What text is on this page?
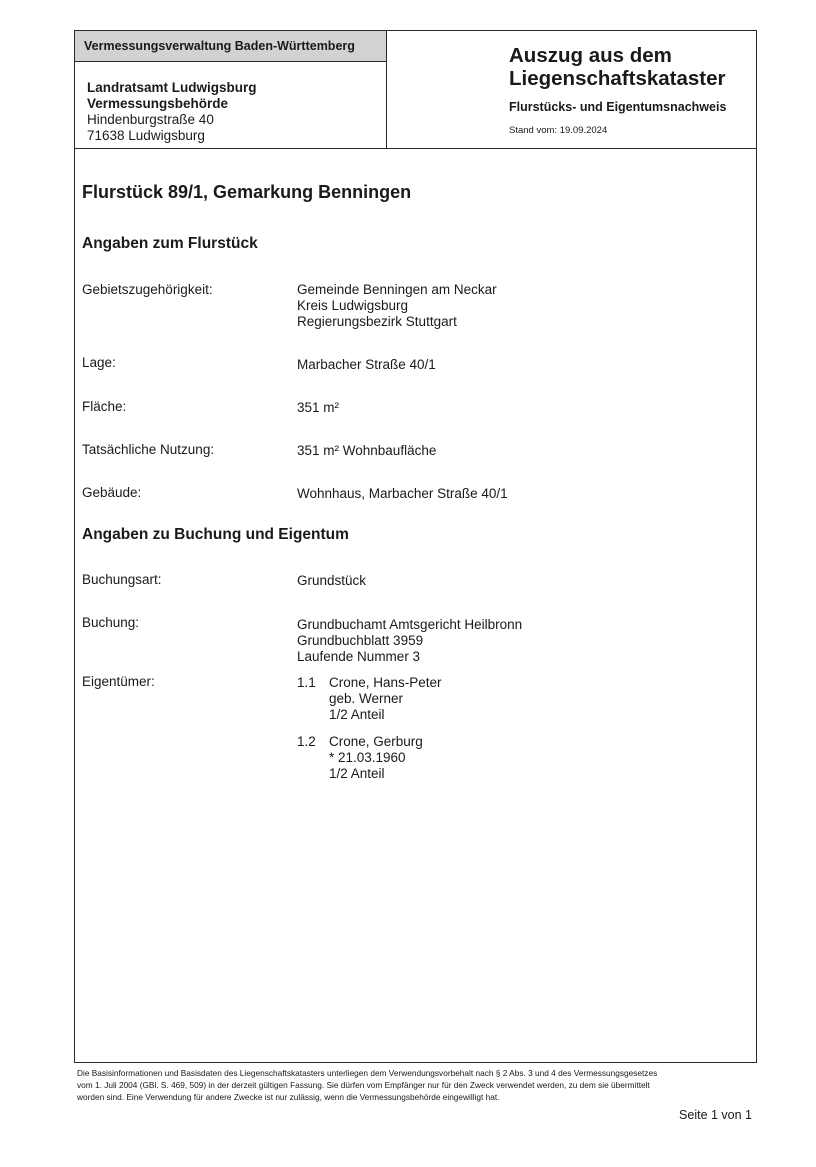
Vermessungsverwaltung Baden-Württemberg
Landratsamt Ludwigsburg
Vermessungsbehörde
Hindenburgstraße 40
71638 Ludwigsburg
Auszug aus dem
Liegenschaftskataster
Flurstücks- und Eigentumsnachweis
Stand vom: 19.09.2024
Flurstück 89/1, Gemarkung Benningen
Angaben zum Flurstück
Gebietszugehörigkeit:	Gemeinde Benningen am Neckar
Kreis Ludwigsburg
Regierungsbezirk Stuttgart
Lage:	Marbacher Straße 40/1
Fläche:	351 m²
Tatsächliche Nutzung:	351 m² Wohnbaufläche
Gebäude:	Wohnhaus, Marbacher Straße 40/1
Angaben zu Buchung und Eigentum
Buchungsart:	Grundstück
Buchung:	Grundbuchamt Amtsgericht Heilbronn
Grundbuchblatt 3959
Laufende Nummer 3
Eigentümer:	1.1 Crone, Hans-Peter
geb. Werner
1/2 Anteil
1.2 Crone, Gerburg
* 21.03.1960
1/2 Anteil
Die Basisinformationen und Basisdaten des Liegenschaftskatasters unterliegen dem Verwendungsvorbehalt nach § 2 Abs. 3 und 4 des Vermessungsgesetzes
vom 1. Juli 2004 (GBl. S. 469, 509) in der derzeit gültigen Fassung. Sie dürfen vom Empfänger nur für den Zweck verwendet werden, zu dem sie übermittelt
worden sind. Eine Verwendung für andere Zwecke ist nur zulässig, wenn die Vermessungsbehörde eingewilligt hat.
Seite 1 von 1
